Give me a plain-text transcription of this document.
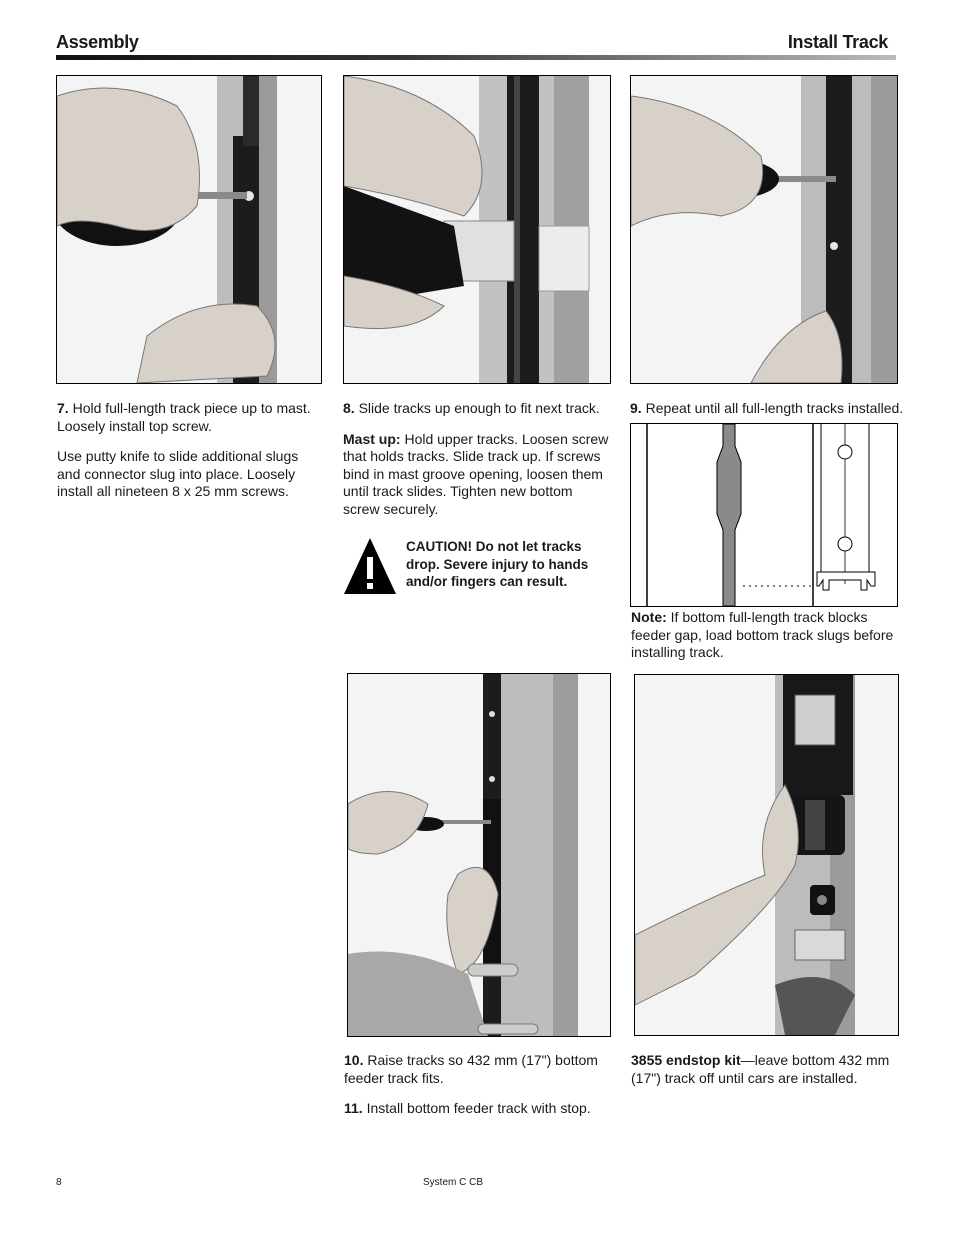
Assembly	Install Track

7. Hold full-length track piece up to mast. Loosely install top screw.

Use putty knife to slide additional slugs and connector slug into place. Loosely install all nineteen 8 x 25 mm screws.

8. Slide tracks up enough to fit next track.

Mast up: Hold upper tracks. Loosen screw that holds tracks. Slide track up. If screws bind in mast groove opening, loosen them until track slides. Tighten new bottom screw securely.

CAUTION! Do not let tracks drop. Severe injury to hands and/or fingers can result.

9. Repeat until all full-length tracks installed.

Note: If bottom full-length track blocks feeder gap, load bottom track slugs before installing track.

10. Raise tracks so 432 mm (17") bottom feeder track fits.

11. Install bottom feeder track with stop.

3855 endstop kit—leave bottom 432 mm (17") track off until cars are installed.

8	System C CB
